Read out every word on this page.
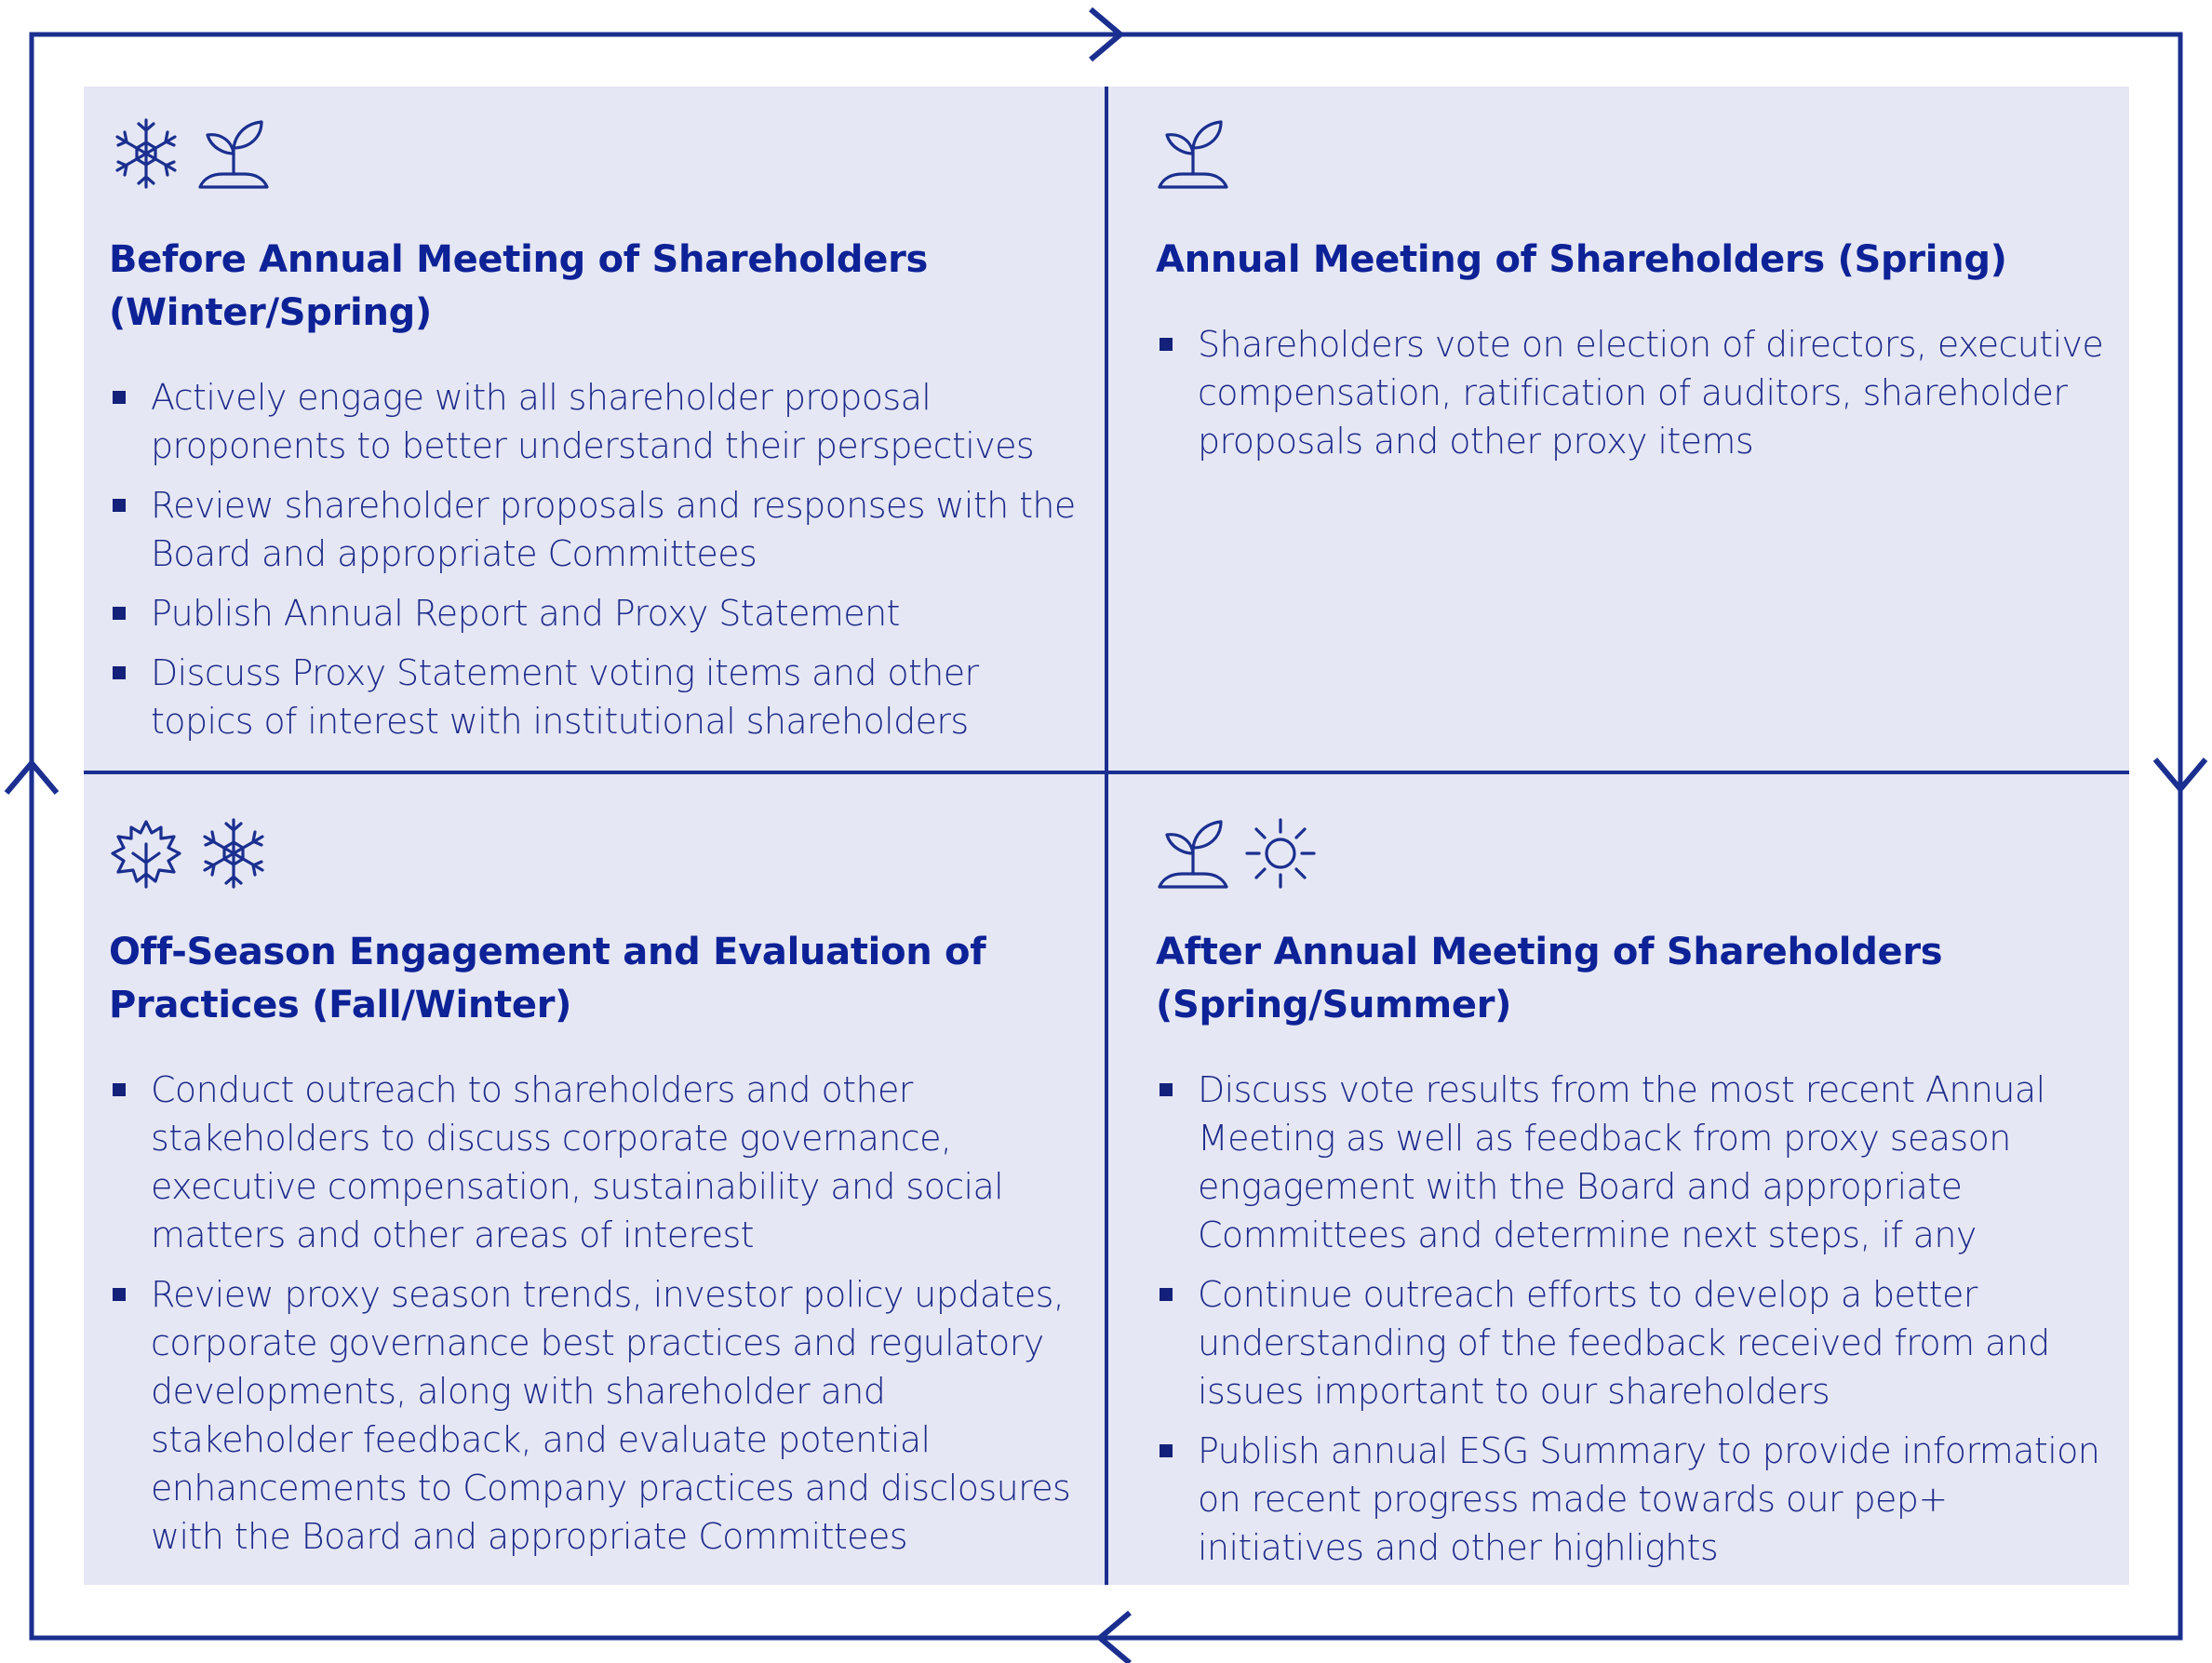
Before Annual Meeting of Shareholders
(Winter/Spring)
Actively engage with all shareholder proposal proponents to better understand their perspectives
Review shareholder proposals and responses with the Board and appropriate Committees
Publish Annual Report and Proxy Statement
Discuss Proxy Statement voting items and other topics of interest with institutional shareholders
Annual Meeting of Shareholders (Spring)
Shareholders vote on election of directors, executive compensation, ratification of auditors, shareholder proposals and other proxy items
Off-Season Engagement and Evaluation of
Practices (Fall/Winter)
Conduct outreach to shareholders and other stakeholders to discuss corporate governance, executive compensation, sustainability and social matters and other areas of interest
Review proxy season trends, investor policy updates, corporate governance best practices and regulatory developments, along with shareholder and stakeholder feedback, and evaluate potential enhancements to Company practices and disclosures with the Board and appropriate Committees
After Annual Meeting of Shareholders
(Spring/Summer)
Discuss vote results from the most recent Annual Meeting as well as feedback from proxy season engagement with the Board and appropriate Committees and determine next steps, if any
Continue outreach efforts to develop a better understanding of the feedback received from and issues important to our shareholders
Publish annual ESG Summary to provide information on recent progress made towards our pep+ initiatives and other highlights
